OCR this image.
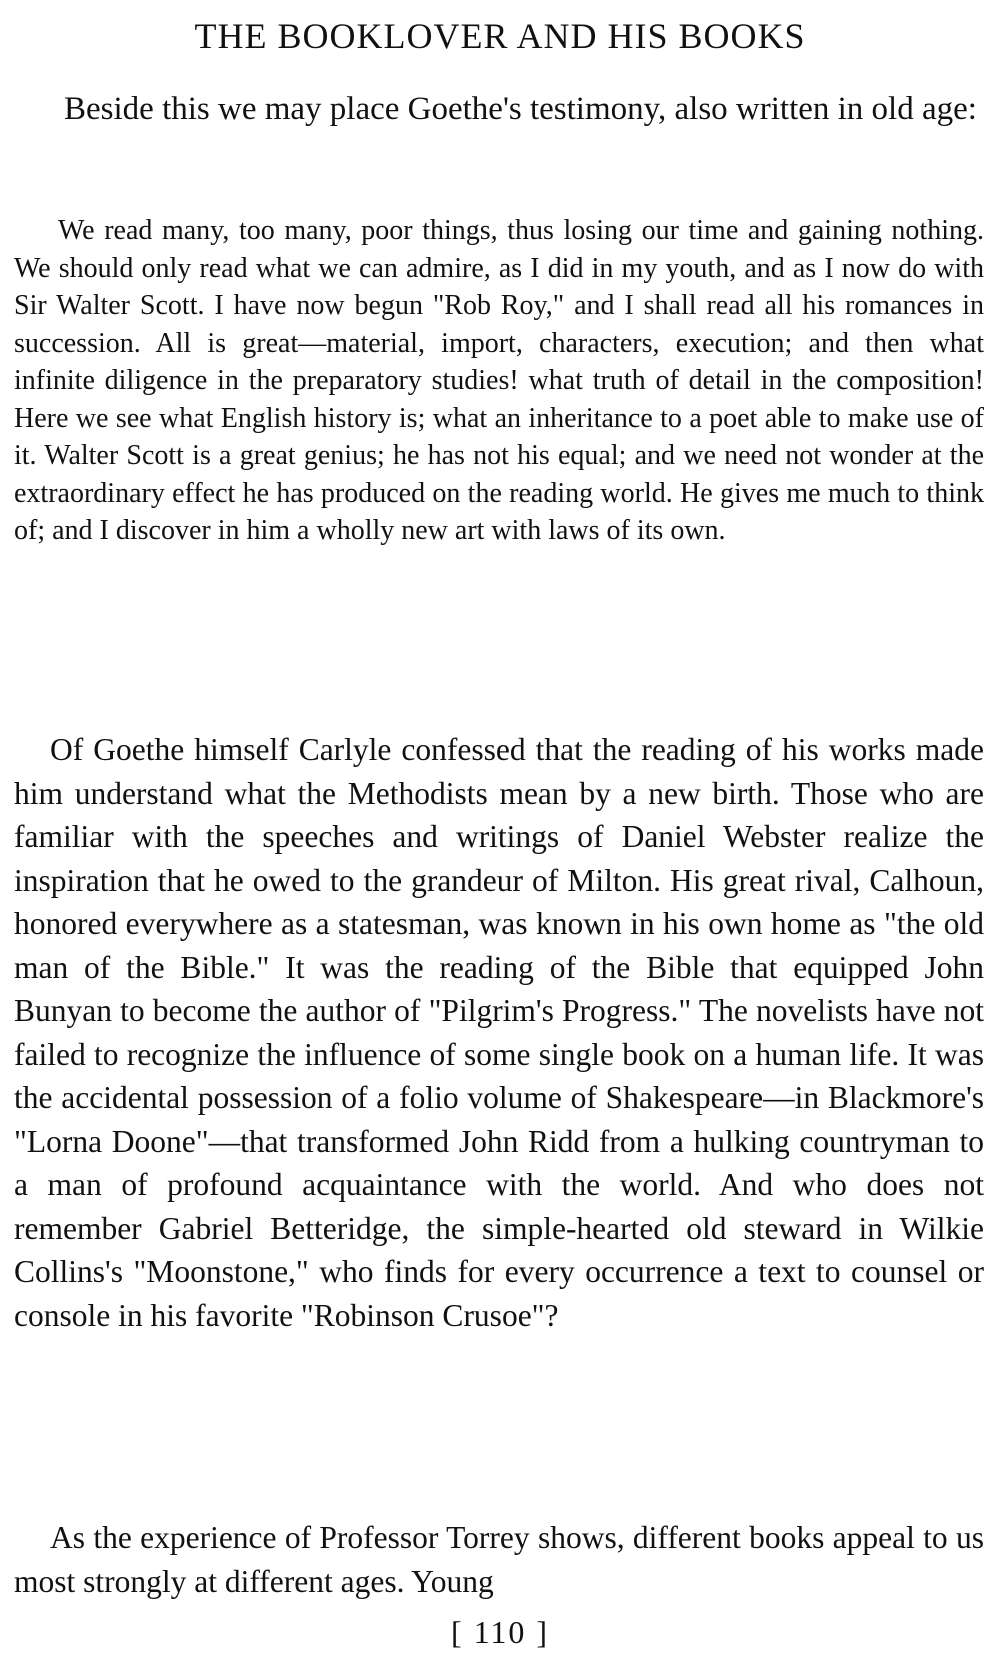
THE BOOKLOVER AND HIS BOOKS

Beside this we may place Goethe's testimony, also written in old age:

We read many, too many, poor things, thus losing our time and gaining nothing. We should only read what we can admire, as I did in my youth, and as I now do with Sir Walter Scott. I have now begun "Rob Roy," and I shall read all his romances in succession. All is great—material, import, characters, execution; and then what infinite diligence in the preparatory studies! what truth of detail in the composition! Here we see what English history is; what an inheritance to a poet able to make use of it. Walter Scott is a great genius; he has not his equal; and we need not wonder at the extraordinary effect he has produced on the reading world. He gives me much to think of; and I discover in him a wholly new art with laws of its own.

Of Goethe himself Carlyle confessed that the reading of his works made him understand what the Methodists mean by a new birth. Those who are familiar with the speeches and writings of Daniel Webster realize the inspiration that he owed to the grandeur of Milton. His great rival, Calhoun, honored everywhere as a statesman, was known in his own home as "the old man of the Bible." It was the reading of the Bible that equipped John Bunyan to become the author of "Pilgrim's Progress." The novelists have not failed to recognize the influence of some single book on a human life. It was the accidental possession of a folio volume of Shakespeare—in Blackmore's "Lorna Doone"—that transformed John Ridd from a hulking countryman to a man of profound acquaintance with the world. And who does not remember Gabriel Betteridge, the simple-hearted old steward in Wilkie Collins's "Moonstone," who finds for every occurrence a text to counsel or console in his favorite "Robinson Crusoe"?

As the experience of Professor Torrey shows, different books appeal to us most strongly at different ages. Young

[ 110 ]
